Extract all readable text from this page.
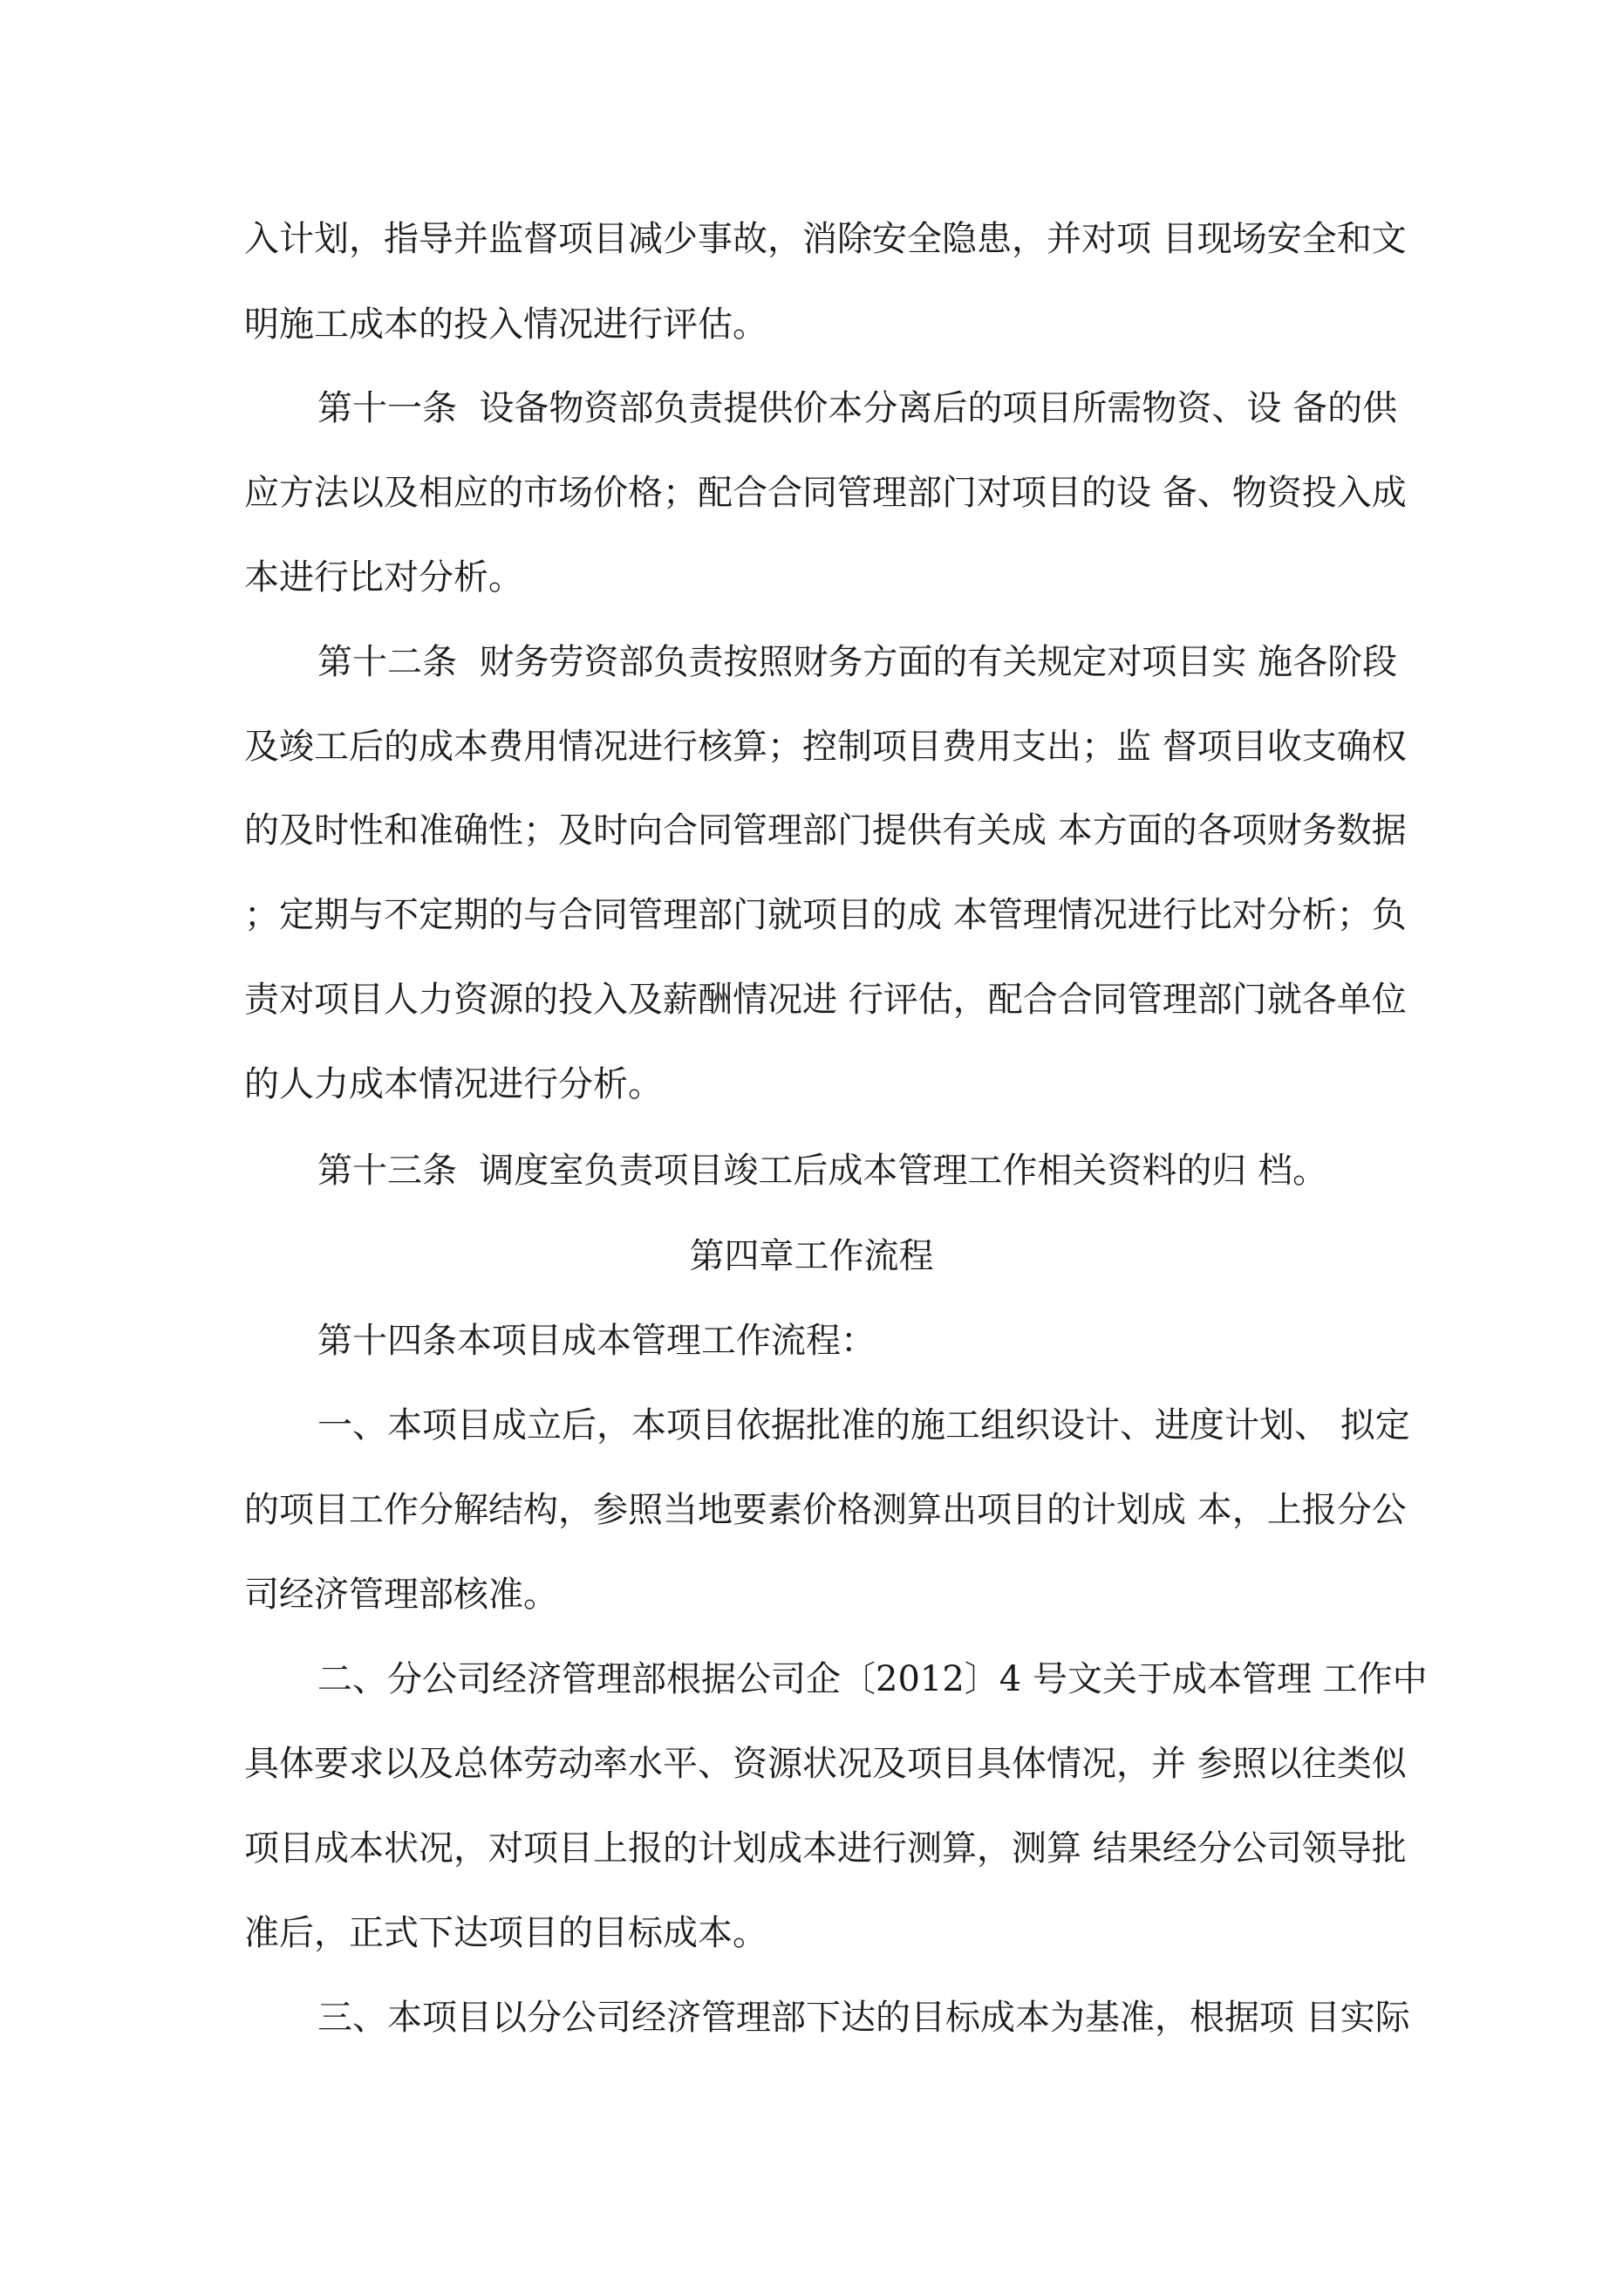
入计划，指导并监督项目减少事故，消除安全隐患，并对项 目现场安全和文

明施工成本的投入情况进行评估。

第十一条  设备物资部负责提供价本分离后的项目所需物资、设 备的供

应方法以及相应的市场价格；配合合同管理部门对项目的设 备、物资投入成

本进行比对分析。

第十二条  财务劳资部负责按照财务方面的有关规定对项目实 施各阶段

及竣工后的成本费用情况进行核算；控制项目费用支出；监 督项目收支确权

的及时性和准确性；及时向合同管理部门提供有关成 本方面的各项财务数据

；定期与不定期的与合同管理部门就项目的成 本管理情况进行比对分析；负

责对项目人力资源的投入及薪酬情况进 行评估，配合合同管理部门就各单位

的人力成本情况进行分析。

第十三条  调度室负责项目竣工后成本管理工作相关资料的归 档。

第四章工作流程

第十四条本项目成本管理工作流程：

一、本项目成立后，本项目依据批准的施工组织设计、进度计划、 拟定

的项目工作分解结构，参照当地要素价格测算出项目的计划成 本，上报分公

司经济管理部核准。

二、分公司经济管理部根据公司企〔2012〕4 号文关于成本管理 工作中

具体要求以及总体劳动率水平、资源状况及项目具体情况，并 参照以往类似

项目成本状况，对项目上报的计划成本进行测算，测算 结果经分公司领导批

准后，正式下达项目的目标成本。

三、本项目以分公司经济管理部下达的目标成本为基准，根据项 目实际
